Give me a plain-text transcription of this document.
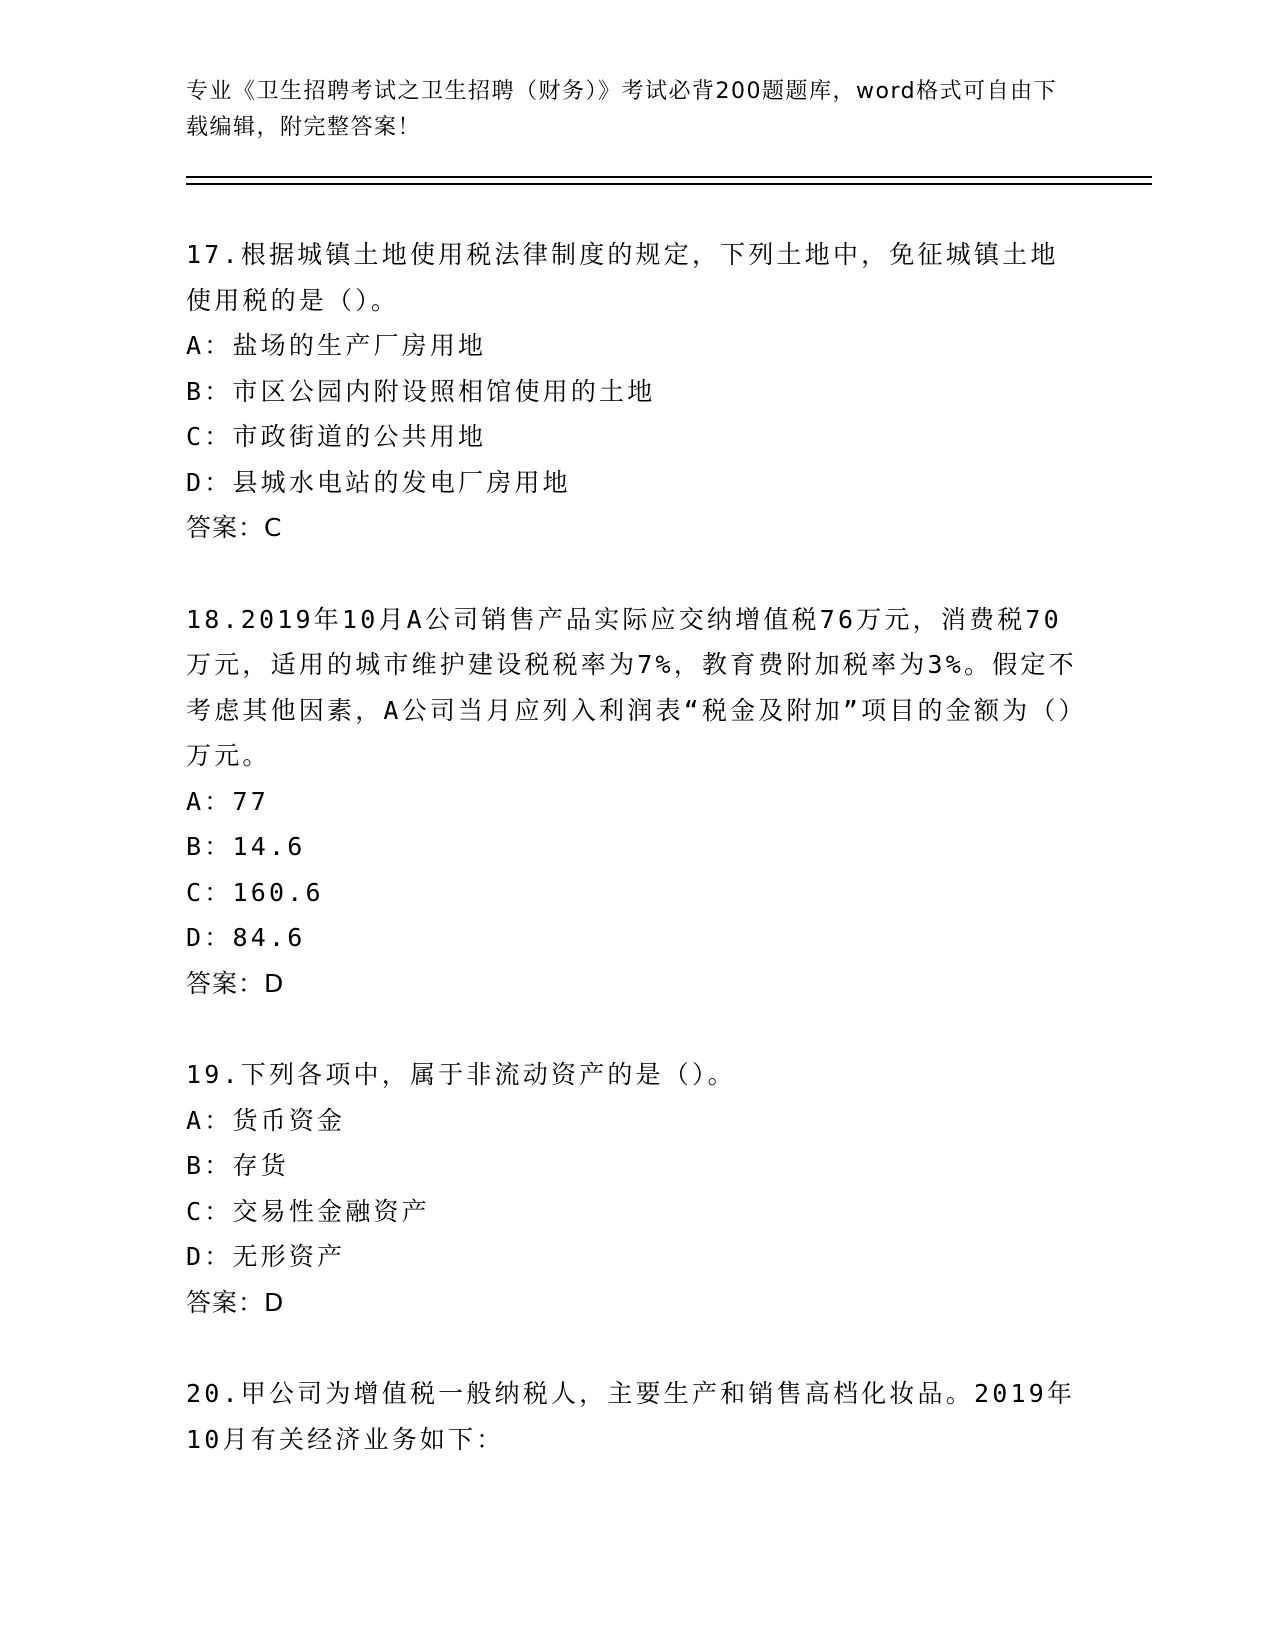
专业《卫生招聘考试之卫生招聘（财务）》考试必背200题题库，word格式可自由下载编辑，附完整答案！
17.根据城镇土地使用税法律制度的规定，下列土地中，免征城镇土地使用税的是（）。
A：盐场的生产厂房用地
B：市区公园内附设照相馆使用的土地
C：市政街道的公共用地
D：县城水电站的发电厂房用地
答案：C
18.2019年10月A公司销售产品实际应交纳增值税76万元，消费税70万元，适用的城市维护建设税税率为7%，教育费附加税率为3%。假定不考虑其他因素，A公司当月应列入利润表“税金及附加”项目的金额为（）万元。
A：77
B：14.6
C：160.6
D：84.6
答案：D
19.下列各项中，属于非流动资产的是（）。
A：货币资金
B：存货
C：交易性金融资产
D：无形资产
答案：D
20.甲公司为增值税一般纳税人，主要生产和销售高档化妆品。2019年10月有关经济业务如下：
